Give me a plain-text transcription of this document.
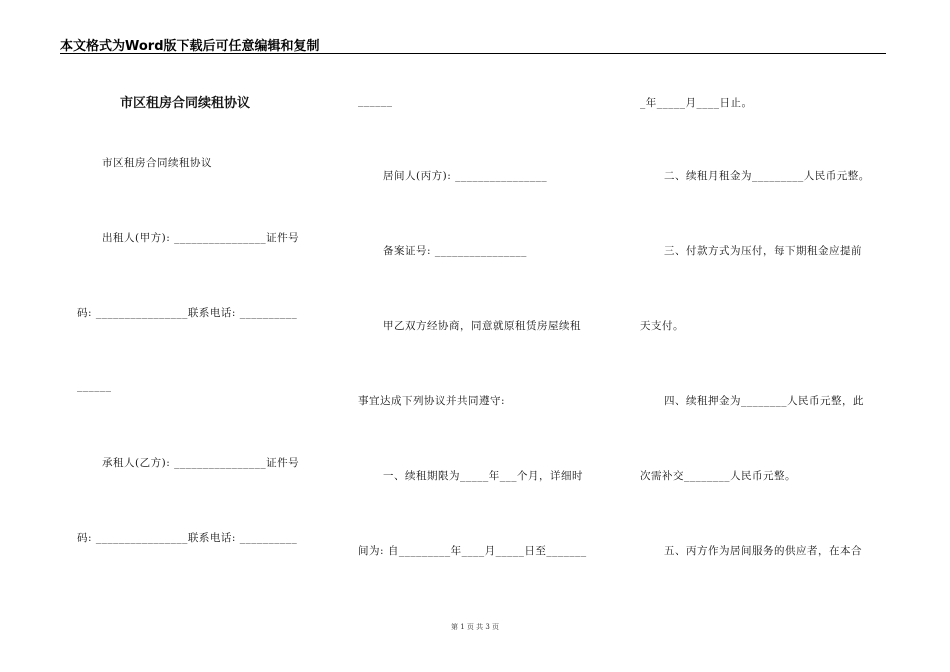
本文格式为Word版下载后可任意编辑和复制
市区租房合同续租协议
市区租房合同续租协议
出租人(甲方): ________________证件号
码: ________________联系电话: __________
______
承租人(乙方): ________________证件号
码: ________________联系电话: __________
______
居间人(丙方): ________________
备案证号: ________________
甲乙双方经协商，同意就原租赁房屋续租
事宜达成下列协议并共同遵守:
一、续租期限为_____年___个月，详细时
间为: 自_________年____月_____日至_______
_年_____月____日止。
二、续租月租金为_________人民币元整。
三、付款方式为压付，每下期租金应提前
天支付。
四、续租押金为________人民币元整，此
次需补交________人民币元整。
五、丙方作为居间服务的供应者，在本合
第 1 页 共 3 页
